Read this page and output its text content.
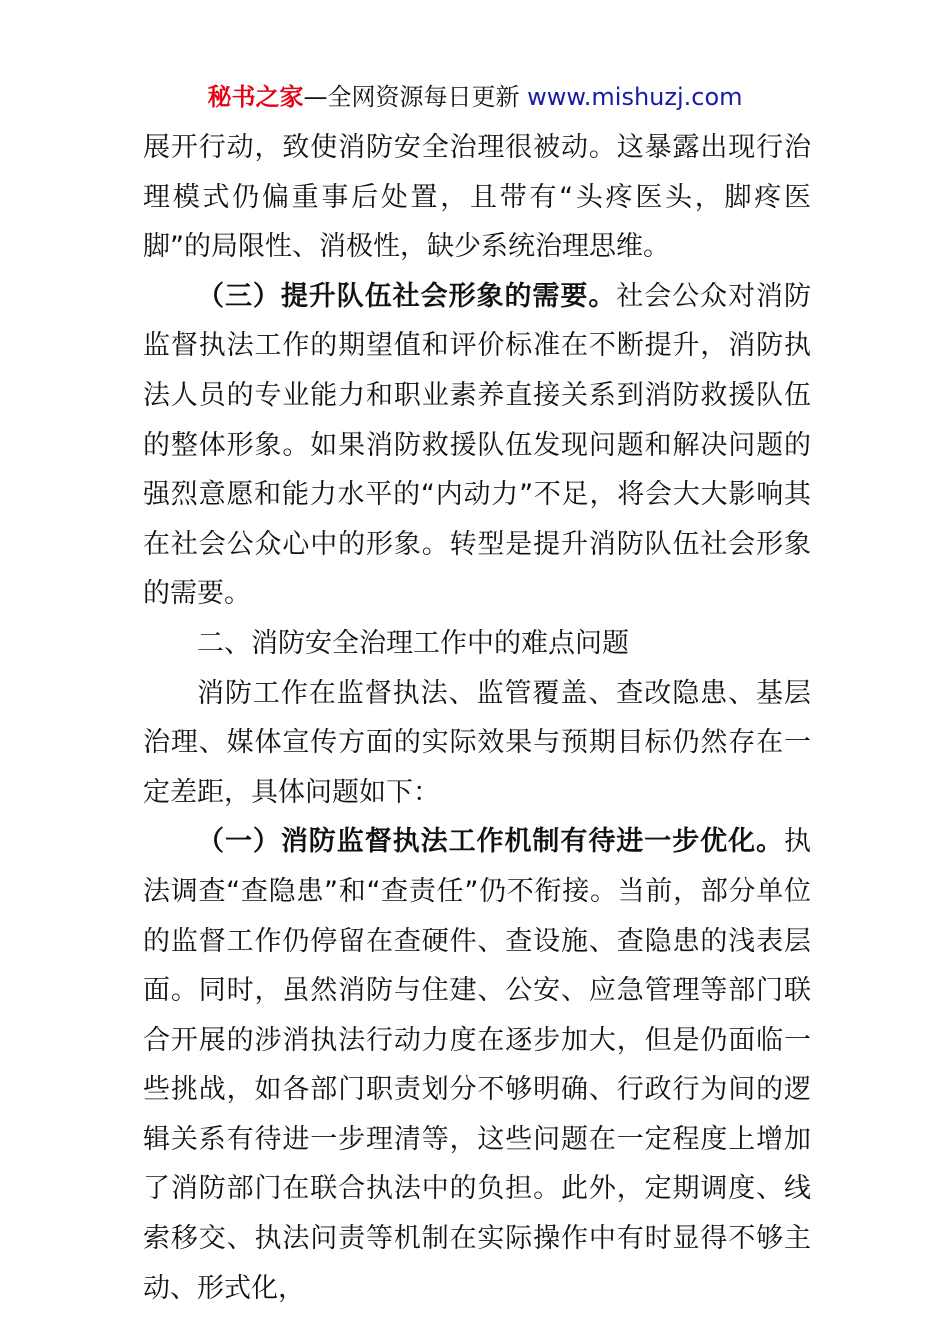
秘书之家—全网资源每日更新 www.mishuzj.com

展开行动，致使消防安全治理很被动。这暴露出现行治理模式仍偏重事后处置，且带有“头疼医头，脚疼医脚”的局限性、消极性，缺少系统治理思维。

（三）提升队伍社会形象的需要。社会公众对消防监督执法工作的期望值和评价标准在不断提升，消防执法人员的专业能力和职业素养直接关系到消防救援队伍的整体形象。如果消防救援队伍发现问题和解决问题的强烈意愿和能力水平的“内动力”不足，将会大大影响其在社会公众心中的形象。转型是提升消防队伍社会形象的需要。

二、消防安全治理工作中的难点问题

消防工作在监督执法、监管覆盖、查改隐患、基层治理、媒体宣传方面的实际效果与预期目标仍然存在一定差距，具体问题如下：

（一）消防监督执法工作机制有待进一步优化。执法调查“查隐患”和“查责任”仍不衔接。当前，部分单位的监督工作仍停留在查硬件、查设施、查隐患的浅表层面。同时，虽然消防与住建、公安、应急管理等部门联合开展的涉消执法行动力度在逐步加大，但是仍面临一些挑战，如各部门职责划分不够明确、行政行为间的逻辑关系有待进一步理清等，这些问题在一定程度上增加了消防部门在联合执法中的负担。此外，定期调度、线索移交、执法问责等机制在实际操作中有时显得不够主动、形式化，
